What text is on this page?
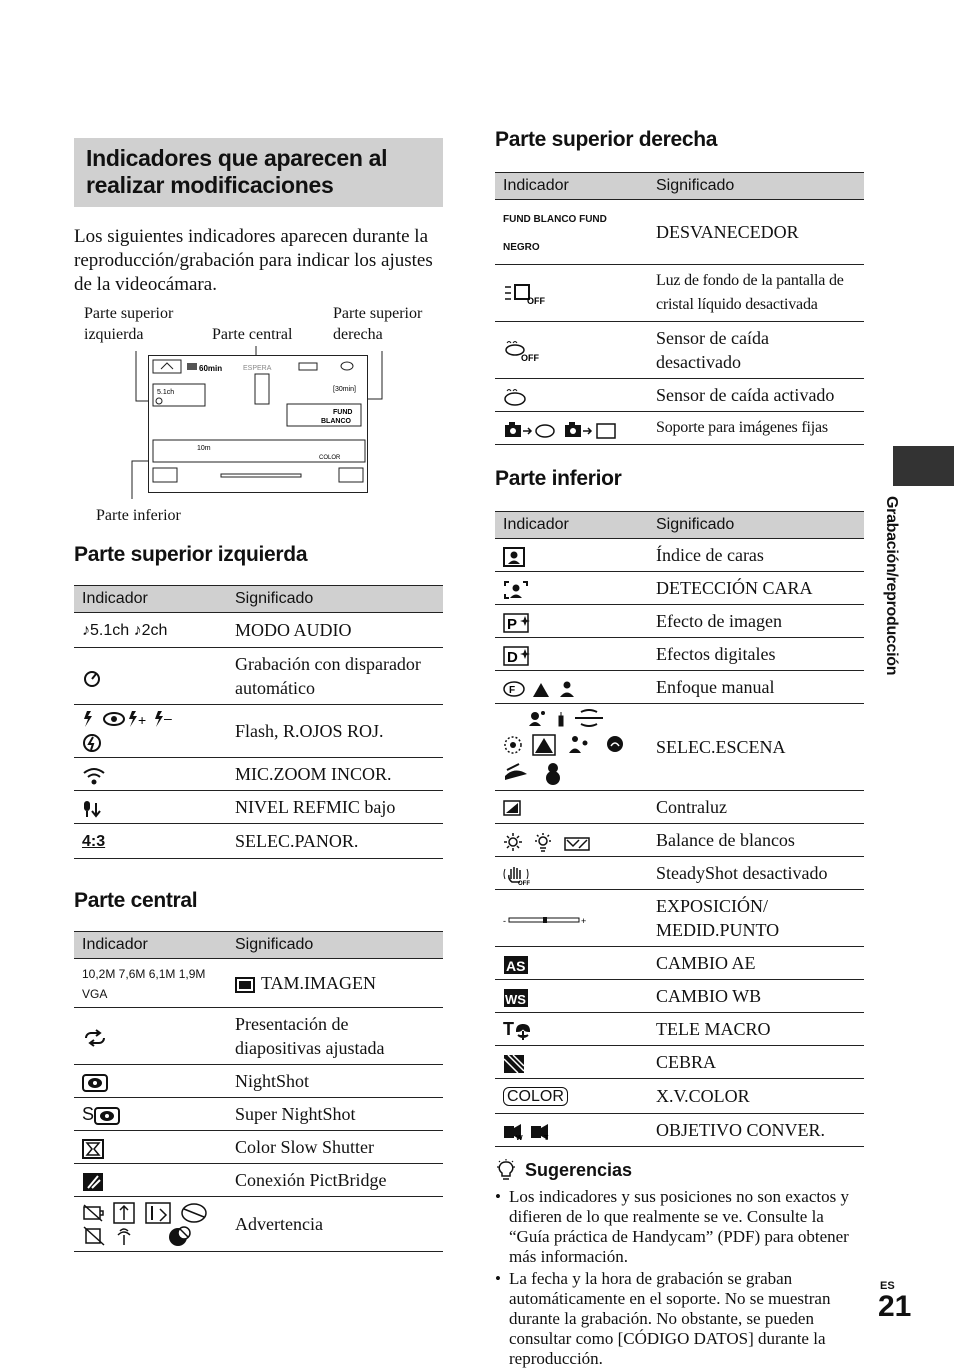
Indicadores que aparecen al realizar modificaciones

Los siguientes indicadores aparecen durante la reproducción/grabación para indicar los ajustes de la videocámara.

Parte superior
izquierda	Parte central
Parte superior
derecha
Parte inferior
60min	ESPERA
5.1ch	[30min]
FUND
BLANCO
10m
COLOR
Parte superior izquierda
Indicador	Significado
♪5.1ch ♪2ch	MODO AUDIO
	Grabación con disparador automático

+ –	Flash, R.OJOS ROJ.
	MIC.ZOOM INCOR.
	NIVEL REFMIC bajo
4:3	SELEC.PANOR.
Parte central
Indicador	Significado
10,2M 7,6M 6,1M 1,9M VGA	TAM.IMAGEN
	Presentación de diapositivas ajustada
	NightShot
S	Super NightShot
	Color Slow Shutter
	Conexión PictBridge
	Advertencia
Parte superior derecha
Indicador	Significado
FUND BLANCO FUND NEGRO	DESVANECEDOR

OFF	Luz de fondo de la pantalla de cristal líquido desactivada

OFF	Sensor de caída desactivado
	Sensor de caída activado
	Soporte para imágenes fijas
Parte inferior
Indicador	Significado
	Índice de caras
	DETECCIÓN CARA

P	Efecto de imagen

D	Efectos digitales

F	Enfoque manual
	SELEC.ESCENA
	Contraluz
	Balance de blancos

OFF	SteadyShot desactivado

- +	EXPOSICIÓN/ MEDID.PUNTO

AS	CAMBIO AE

WS	CAMBIO WB
T	TELE MACRO
	CEBRA
COLOR	X.V.COLOR

W T	OBJETIVO CONVER.
Sugerencias
• Los indicadores y sus posiciones no son exactos y difieren de lo que realmente se ve. Consulte la “Guía práctica de Handycam” (PDF) para obtener más información.
• La fecha y la hora de grabación se graban automáticamente en el soporte. No se muestran durante la grabación. No obstante, se pueden consultar como [CÓDIGO DATOS] durante la reproducción.
Grabación/reproducción
ES
21
